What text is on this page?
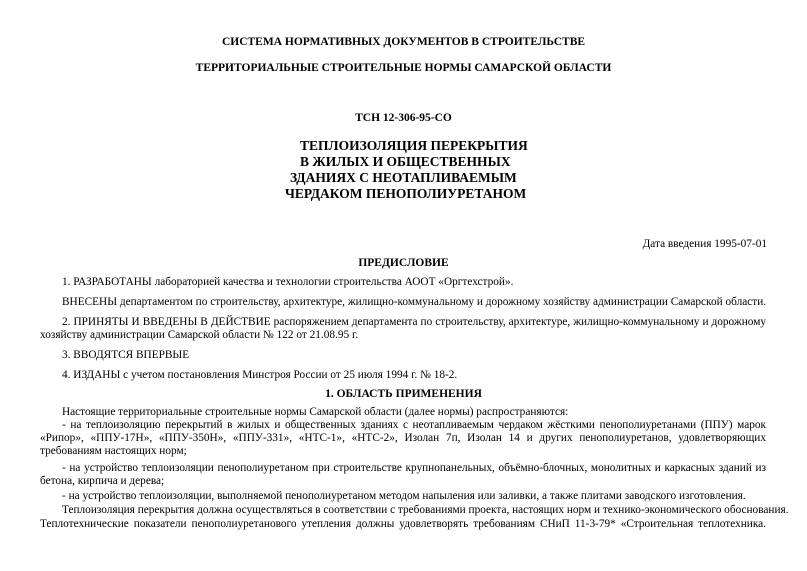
СИСТЕМА НОРМАТИВНЫХ ДОКУМЕНТОВ В СТРОИТЕЛЬСТВЕ
ТЕРРИТОРИАЛЬНЫЕ СТРОИТЕЛЬНЫЕ НОРМЫ САМАРСКОЙ ОБЛАСТИ
ТСН 12-306-95-СО
ТЕПЛОИЗОЛЯЦИЯ ПЕРЕКРЫТИЯ
В ЖИЛЫХ И ОБЩЕСТВЕННЫХ
ЗДАНИЯХ С НЕОТАПЛИВАЕМЫМ
ЧЕРДАКОМ ПЕНОПОЛИУРЕТАНОМ
Дата введения 1995-07-01
ПРЕДИСЛОВИЕ
1. РАЗРАБОТАНЫ лабораторией качества и технологии строительства АООТ «Оргтехстрой».
ВНЕСЕНЫ департаментом по строительству, архитектуре, жилищно-коммунальному и дорожному хозяйству администрации Самарской области.
2. ПРИНЯТЫ И ВВЕДЕНЫ В ДЕЙСТВИЕ распоряжением департамента по строительству, архитектуре, жилищно-коммунальному и дорожному хозяйству администрации Самарской области № 122 от 21.08.95 г.
3. ВВОДЯТСЯ ВПЕРВЫЕ
4. ИЗДАНЫ с учетом постановления Минстроя России от 25 июля 1994 г. № 18-2.
1. ОБЛАСТЬ ПРИМЕНЕНИЯ
Настоящие территориальные строительные нормы Самарской области (далее нормы) распространяются:
- на теплоизоляцию перекрытий в жилых и общественных зданиях с неотапливаемым чердаком жёсткими пенополиуретанами (ППУ) марок «Рипор», «ППУ-17Н», «ППУ-350Н», «ППУ-331», «НТС-1», «НТС-2», Изолан 7п, Изолан 14 и других пенополиуретанов, удовлетворяющих требованиям настоящих норм;
- на устройство теплоизоляции пенополиуретаном при строительстве крупнопанельных, объёмно-блочных, монолитных и каркасных зданий из бетона, кирпича и дерева;
- на устройство теплоизоляции, выполняемой пенополиуретаном методом напыления или заливки, а также плитами заводского изготовления.
Теплоизоляция перекрытия должна осуществляться в соответствии с требованиями проекта, настоящих норм и технико-экономического обоснования.
Теплотехнические показатели пенополиуретанового утепления должны удовлетворять требованиям СНиП 11-3-79* «Строительная теплотехника.
